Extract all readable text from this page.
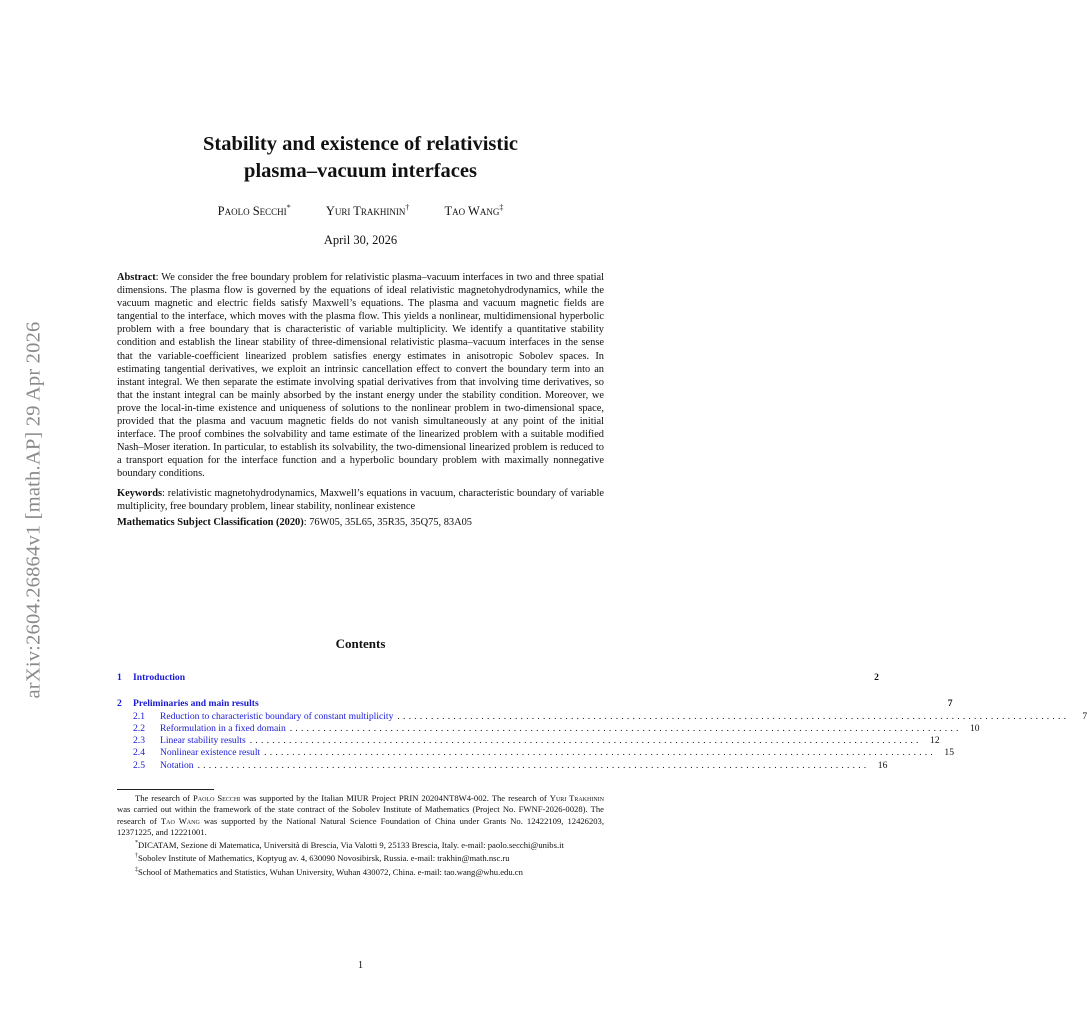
arXiv:2604.26864v1 [math.AP] 29 Apr 2026
Stability and existence of relativistic
plasma–vacuum interfaces
Paolo Secchi*	Yuri Trakhinin†	Tao Wang‡
April 30, 2026

Abstract: We consider the free boundary problem for relativistic plasma–vacuum interfaces in two and three spatial dimensions. The plasma flow is governed by the equations of ideal relativistic magnetohydrodynamics, while the vacuum magnetic and electric fields satisfy Maxwell’s equations. The plasma and vacuum magnetic fields are tangential to the interface, which moves with the plasma flow. This yields a nonlinear, multidimensional hyperbolic problem with a free boundary that is characteristic of variable multiplicity. We identify a quantitative stability condition and establish the linear stability of three-dimensional relativistic plasma–vacuum interfaces in the sense that the variable-coefficient linearized problem satisfies energy estimates in anisotropic Sobolev spaces. In estimating tangential derivatives, we exploit an intrinsic cancellation effect to convert the boundary term into an instant integral. We then separate the estimate involving spatial derivatives from that involving time derivatives, so that the instant integral can be mainly absorbed by the instant energy under the stability condition. Moreover, we prove the local-in-time existence and uniqueness of solutions to the nonlinear problem in two-dimensional space, provided that the plasma and vacuum magnetic fields do not vanish simultaneously at any point of the initial interface. The proof combines the solvability and tame estimate of the linearized problem with a suitable modified Nash–Moser iteration. In particular, to establish its solvability, the two-dimensional linearized problem is reduced to a transport equation for the interface function and a hyperbolic boundary problem with maximally nonnegative boundary conditions.

Keywords: relativistic magnetohydrodynamics, Maxwell’s equations in vacuum, characteristic boundary of variable multiplicity, free boundary problem, linear stability, nonlinear existence

Mathematics Subject Classification (2020): 76W05, 35L65, 35R35, 35Q75, 83A05

Contents
1	Introduction	2
2	Preliminaries and main results	7
2.1	Reduction to characteristic boundary of constant multiplicity ........................................................................................................................	7
2.2	Reformulation in a fixed domain ........................................................................................................................ 10
2.3	Linear stability results ........................................................................................................................ 12
2.4	Nonlinear existence result ........................................................................................................................ 15
2.5	Notation ........................................................................................................................ 16

The research of Paolo Secchi was supported by the Italian MIUR Project PRIN 20204NT8W4-002. The research of Yuri Trakhinin was carried out within the framework of the state contract of the Sobolev Institute of Mathematics (Project No. FWNF-2026-0028). The research of Tao Wang was supported by the National Natural Science Foundation of China under Grants No. 12422109, 12426203, 12371225, and 12221001.

*DICATAM, Sezione di Matematica, Università di Brescia, Via Valotti 9, 25133 Brescia, Italy. e-mail: paolo.secchi@unibs.it

†Sobolev Institute of Mathematics, Koptyug av. 4, 630090 Novosibirsk, Russia. e-mail: trakhin@math.nsc.ru

‡School of Mathematics and Statistics, Wuhan University, Wuhan 430072, China. e-mail: tao.wang@whu.edu.cn

1
